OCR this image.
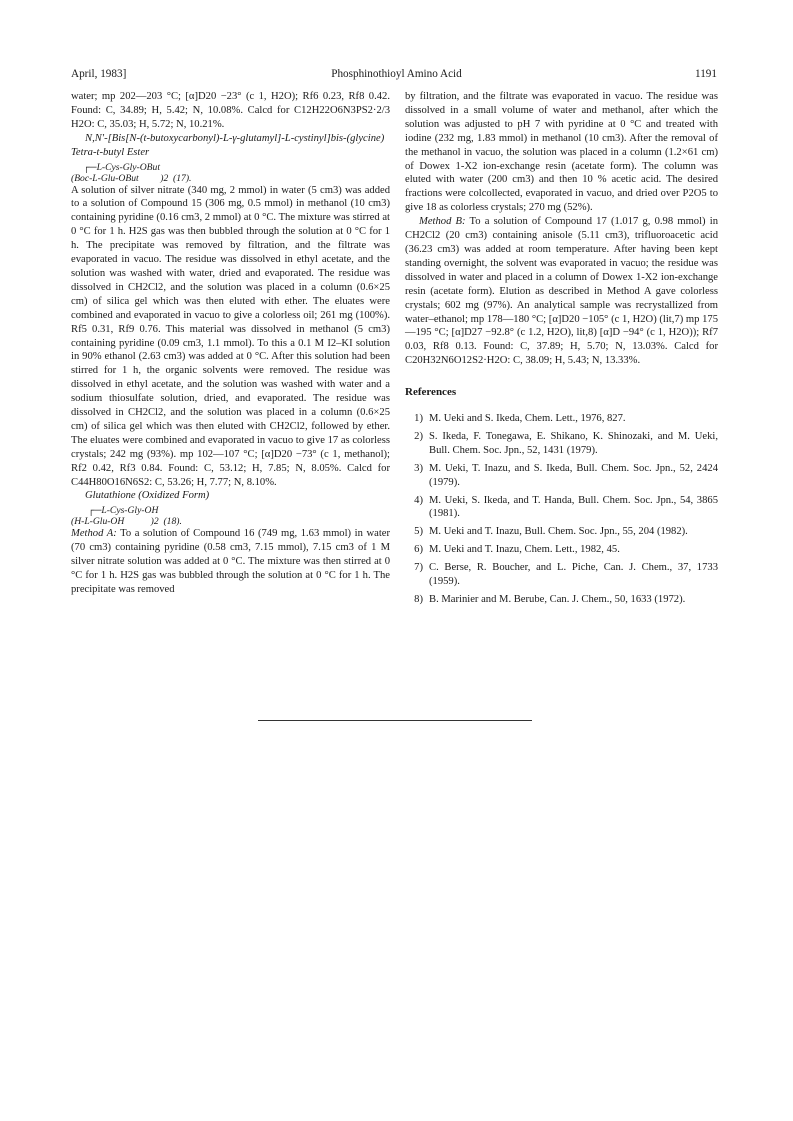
April, 1983]	Phosphinothioyl Amino Acid	1191

water; mp 202—203 °C; [α]D20 −23° (c 1, H2O); Rf6 0.23, Rf8 0.42. Found: C, 34.89; H, 5.42; N, 10.08%. Calcd for C12H22O6N3PS2·2/3 H2O: C, 35.03; H, 5.72; N, 10.21%.

N,N′-[Bis[N-(t-butoxycarbonyl)-L-γ-glutamyl]-L-cystinyl]bis-(glycine) Tetra-t-butyl Ester

┌─L-Cys-Gly-OBut
(Boc-L-Glu-OBut         )2  (17).

A solution of silver nitrate (340 mg, 2 mmol) in water (5 cm3) was added to a solution of Compound 15 (306 mg, 0.5 mmol) in methanol (10 cm3) containing pyridine (0.16 cm3, 2 mmol) at 0 °C. The mixture was stirred at 0 °C for 1 h. H2S gas was then bubbled through the solution at 0 °C for 1 h. The precipitate was removed by filtration, and the filtrate was evaporated in vacuo. The residue was dissolved in ethyl acetate, and the solution was washed with water, dried and evaporated. The residue was dissolved in CH2Cl2, and the solution was placed in a column (0.6×25 cm) of silica gel which was then eluted with ether. The eluates were combined and evaporated in vacuo to give a colorless oil; 261 mg (100%). Rf5 0.31, Rf9 0.76. This material was dissolved in methanol (5 cm3) containing pyridine (0.09 cm3, 1.1 mmol). To this a 0.1 M I2–KI solution in 90% ethanol (2.63 cm3) was added at 0 °C. After this solution had been stirred for 1 h, the organic solvents were removed. The residue was dissolved in ethyl acetate, and the solution was washed with water and a sodium thiosulfate solution, dried, and evaporated. The residue was dissolved in CH2Cl2, and the solution was placed in a column (0.6×25 cm) of silica gel which was then eluted with CH2Cl2, followed by ether. The eluates were combined and evaporated in vacuo to give 17 as colorless crystals; 242 mg (93%). mp 102—107 °C; [α]D20 −73° (c 1, methanol); Rf2 0.42, Rf3 0.84. Found: C, 53.12; H, 7.85; N, 8.05%. Calcd for C44H80O16N6S2: C, 53.26; H, 7.77; N, 8.10%.

Glutathione (Oxidized Form)

┌─L-Cys-Gly-OH
(H-L-Glu-OH           )2  (18).

Method A: To a solution of Compound 16 (749 mg, 1.63 mmol) in water (70 cm3) containing pyridine (0.58 cm3, 7.15 mmol), 7.15 cm3 of 1 M silver nitrate solution was added at 0 °C. The mixture was then stirred at 0 °C for 1 h. H2S gas was bubbled through the solution at 0 °C for 1 h. The precipitate was removed

by filtration, and the filtrate was evaporated in vacuo. The residue was dissolved in a small volume of water and methanol, after which the solution was adjusted to pH 7 with pyridine at 0 °C and treated with iodine (232 mg, 1.83 mmol) in methanol (10 cm3). After the removal of the methanol in vacuo, the solution was placed in a column (1.2×61 cm) of Dowex 1-X2 ion-exchange resin (acetate form). The column was eluted with water (200 cm3) and then 10 % acetic acid. The desired fractions were colcollected, evaporated in vacuo, and dried over P2O5 to give 18 as colorless crystals; 270 mg (52%).

Method B: To a solution of Compound 17 (1.017 g, 0.98 mmol) in CH2Cl2 (20 cm3) containing anisole (5.11 cm3), trifluoroacetic acid (36.23 cm3) was added at room temperature. After having been kept standing overnight, the solvent was evaporated in vacuo; the residue was dissolved in water and placed in a column of Dowex 1-X2 ion-exchange resin (acetate form). Elution as described in Method A gave colorless crystals; 602 mg (97%). An analytical sample was recrystallized from water–ethanol; mp 178—180 °C; [α]D20 −105° (c 1, H2O) (lit,7) mp 175—195 °C; [α]D27 −92.8° (c 1.2, H2O), lit,8) [α]D −94° (c 1, H2O)); Rf7 0.03, Rf8 0.13. Found: C, 37.89; H, 5.70; N, 13.03%. Calcd for C20H32N6O12S2·H2O: C, 38.09; H, 5.43; N, 13.33%.

References
1) M. Ueki and S. Ikeda, Chem. Lett., 1976, 827.
2) S. Ikeda, F. Tonegawa, E. Shikano, K. Shinozaki, and M. Ueki, Bull. Chem. Soc. Jpn., 52, 1431 (1979).
3) M. Ueki, T. Inazu, and S. Ikeda, Bull. Chem. Soc. Jpn., 52, 2424 (1979).
4) M. Ueki, S. Ikeda, and T. Handa, Bull. Chem. Soc. Jpn., 54, 3865 (1981).
5) M. Ueki and T. Inazu, Bull. Chem. Soc. Jpn., 55, 204 (1982).
6) M. Ueki and T. Inazu, Chem. Lett., 1982, 45.
7) C. Berse, R. Boucher, and L. Piche, Can. J. Chem., 37, 1733 (1959).
8) B. Marinier and M. Berube, Can. J. Chem., 50, 1633 (1972).
